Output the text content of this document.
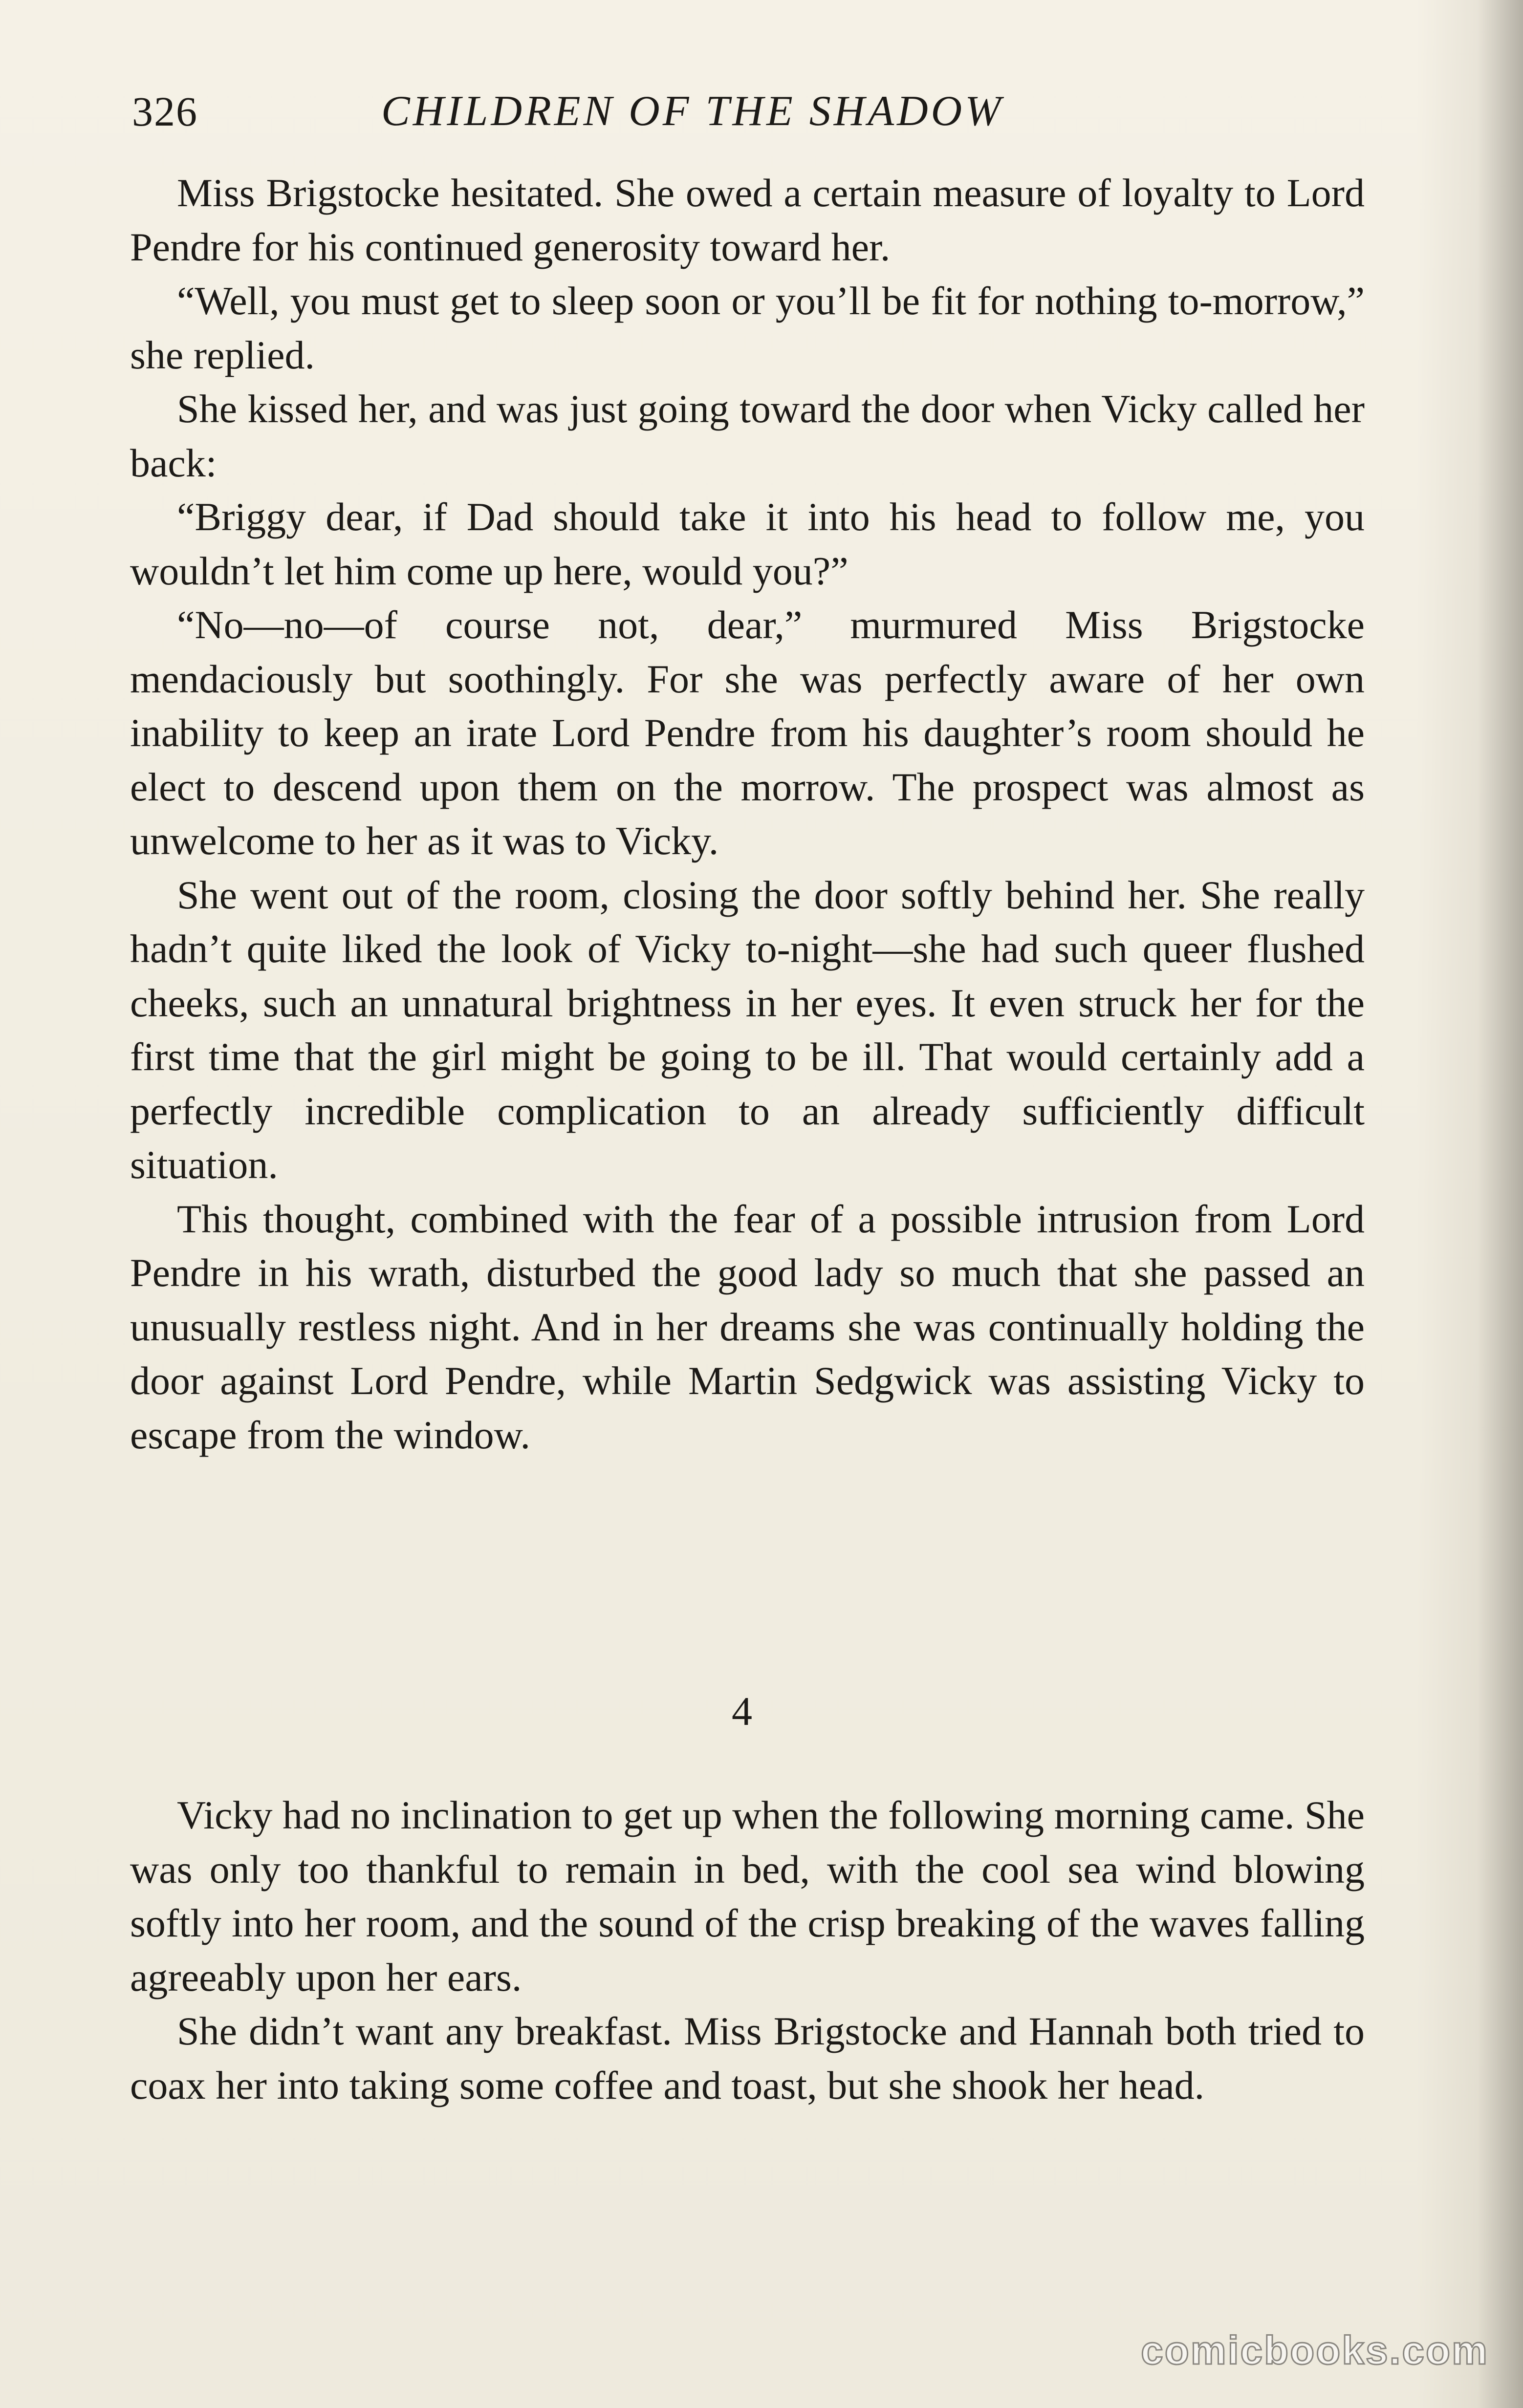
326	CHILDREN OF THE SHADOW

Miss Brigstocke hesitated. She owed a certain measure of loyalty to Lord Pendre for his continued generosity toward her.

“Well, you must get to sleep soon or you’ll be fit for nothing to-morrow,” she replied.

She kissed her, and was just going toward the door when Vicky called her back:

“Briggy dear, if Dad should take it into his head to follow me, you wouldn’t let him come up here, would you?”

“No—no—of course not, dear,” murmured Miss Brigstocke mendaciously but soothingly. For she was perfectly aware of her own inability to keep an irate Lord Pendre from his daughter’s room should he elect to descend upon them on the morrow. The prospect was almost as unwelcome to her as it was to Vicky.

She went out of the room, closing the door softly behind her. She really hadn’t quite liked the look of Vicky to-night—she had such queer flushed cheeks, such an unnatural brightness in her eyes. It even struck her for the first time that the girl might be going to be ill. That would certainly add a perfectly incredible complication to an already sufficiently difficult situation.

This thought, combined with the fear of a possible intrusion from Lord Pendre in his wrath, disturbed the good lady so much that she passed an unusually restless night. And in her dreams she was continually holding the door against Lord Pendre, while Martin Sedgwick was assisting Vicky to escape from the window.

4

Vicky had no inclination to get up when the following morning came. She was only too thankful to remain in bed, with the cool sea wind blowing softly into her room, and the sound of the crisp breaking of the waves falling agreeably upon her ears.

She didn’t want any breakfast. Miss Brigstocke and Hannah both tried to coax her into taking some coffee and toast, but she shook her head.

comicbooks.com
